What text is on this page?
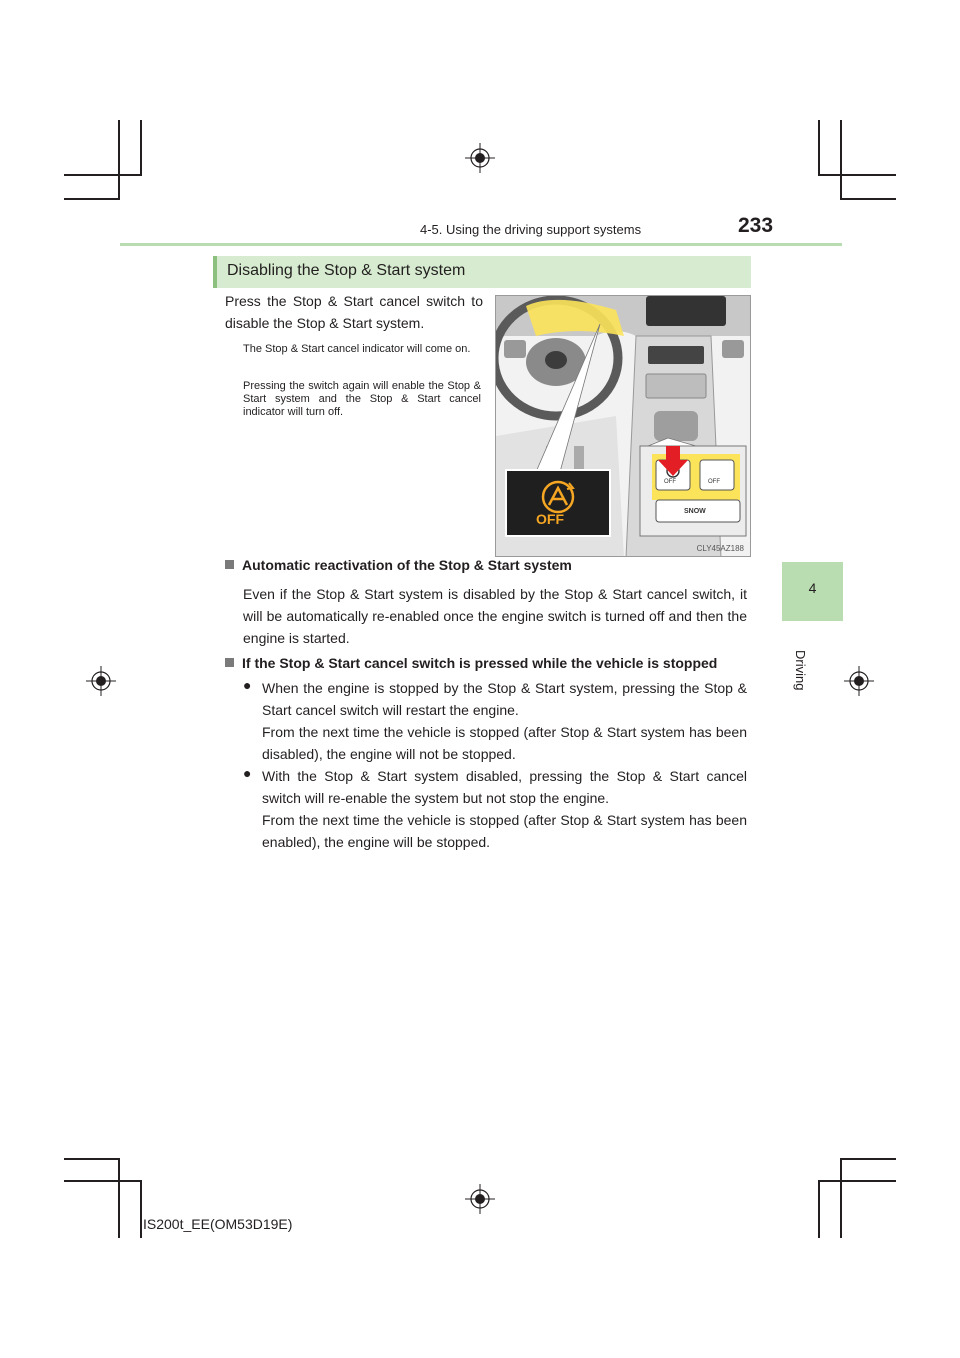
4-5. Using the driving support systems	233
4
Driving
Disabling the Stop & Start system
Press the Stop & Start cancel switch to disable the Stop & Start system.
The Stop & Start cancel indicator will come on.
Pressing the switch again will enable the Stop & Start system and the Stop & Start cancel indicator will turn off.
OFF
OFF	OFF
SNOW
CLY45AZ188
Automatic reactivation of the Stop & Start system
Even if the Stop & Start system is disabled by the Stop & Start cancel switch, it will be automatically re-enabled once the engine switch is turned off and then the engine is started.
If the Stop & Start cancel switch is pressed while the vehicle is stopped
● When the engine is stopped by the Stop & Start system, pressing the Stop & Start cancel switch will restart the engine.
From the next time the vehicle is stopped (after Stop & Start system has been disabled), the engine will not be stopped.
● With the Stop & Start system disabled, pressing the Stop & Start cancel switch will re-enable the system but not stop the engine.
From the next time the vehicle is stopped (after Stop & Start system has been enabled), the engine will be stopped.
IS200t_EE(OM53D19E)
